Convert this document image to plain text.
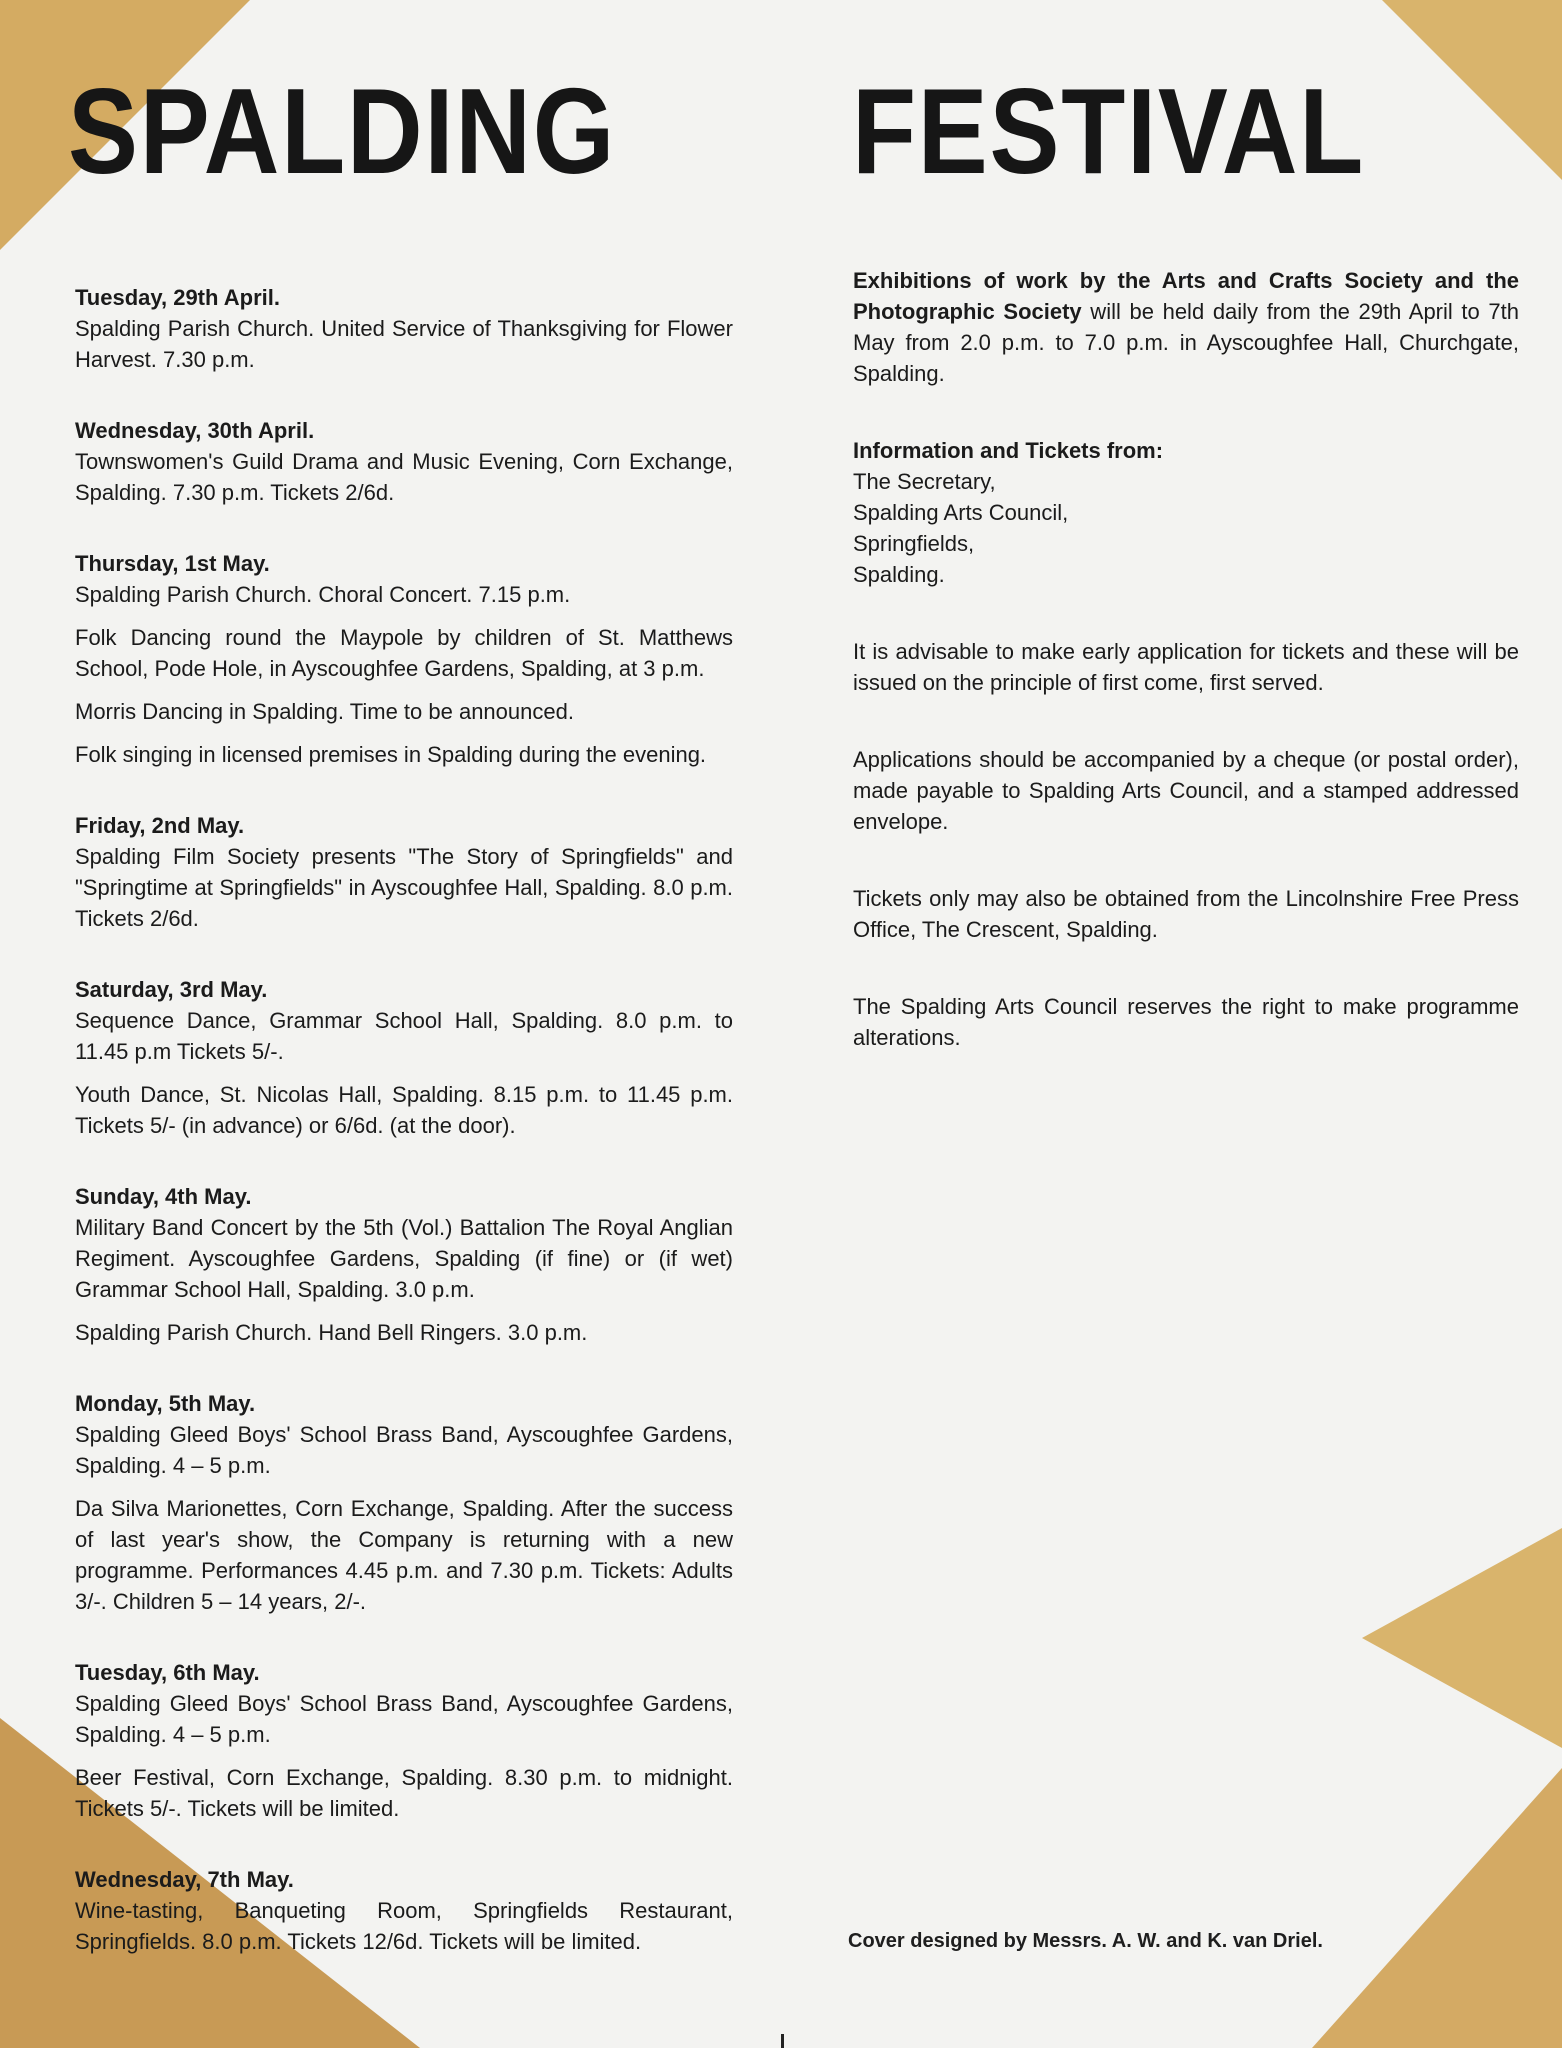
SPALDING FESTIVAL
Tuesday, 29th April.

Spalding Parish Church. United Service of Thanksgiving for Flower Harvest. 7.30 p.m.

Wednesday, 30th April.

Townswomen's Guild Drama and Music Evening, Corn Exchange, Spalding. 7.30 p.m. Tickets 2/6d.

Thursday, 1st May.

Spalding Parish Church. Choral Concert. 7.15 p.m.

Folk Dancing round the Maypole by children of St. Matthews School, Pode Hole, in Ayscoughfee Gardens, Spalding, at 3 p.m.

Morris Dancing in Spalding. Time to be announced.

Folk singing in licensed premises in Spalding during the evening.

Friday, 2nd May.

Spalding Film Society presents "The Story of Springfields" and "Springtime at Springfields" in Ayscoughfee Hall, Spalding. 8.0 p.m. Tickets 2/6d.

Saturday, 3rd May.

Sequence Dance, Grammar School Hall, Spalding. 8.0 p.m. to 11.45 p.m Tickets 5/-.

Youth Dance, St. Nicolas Hall, Spalding. 8.15 p.m. to 11.45 p.m. Tickets 5/- (in advance) or 6/6d. (at the door).

Sunday, 4th May.

Military Band Concert by the 5th (Vol.) Battalion The Royal Anglian Regiment. Ayscoughfee Gardens, Spalding (if fine) or (if wet) Grammar School Hall, Spalding. 3.0 p.m.

Spalding Parish Church. Hand Bell Ringers. 3.0 p.m.

Monday, 5th May.

Spalding Gleed Boys' School Brass Band, Ayscoughfee Gardens, Spalding. 4 – 5 p.m.

Da Silva Marionettes, Corn Exchange, Spalding. After the success of last year's show, the Company is returning with a new programme. Performances 4.45 p.m. and 7.30 p.m. Tickets: Adults 3/-. Children 5 – 14 years, 2/-.

Tuesday, 6th May.

Spalding Gleed Boys' School Brass Band, Ayscoughfee Gardens, Spalding. 4 – 5 p.m.

Beer Festival, Corn Exchange, Spalding. 8.30 p.m. to midnight. Tickets 5/-. Tickets will be limited.

Wednesday, 7th May.

Wine-tasting, Banqueting Room, Springfields Restaurant, Springfields. 8.0 p.m. Tickets 12/6d. Tickets will be limited.

Exhibitions of work by the Arts and Crafts Society and the Photographic Society will be held daily from the 29th April to 7th May from 2.0 p.m. to 7.0 p.m. in Ayscoughfee Hall, Churchgate, Spalding.

Information and Tickets from:

The Secretary,

Spalding Arts Council,

Springfields,

Spalding.

It is advisable to make early application for tickets and these will be issued on the principle of first come, first served.

Applications should be accompanied by a cheque (or postal order), made payable to Spalding Arts Council, and a stamped addressed envelope.

Tickets only may also be obtained from the Lincolnshire Free Press Office, The Crescent, Spalding.

The Spalding Arts Council reserves the right to make programme alterations.

Cover designed by Messrs. A. W. and K. van Driel.
